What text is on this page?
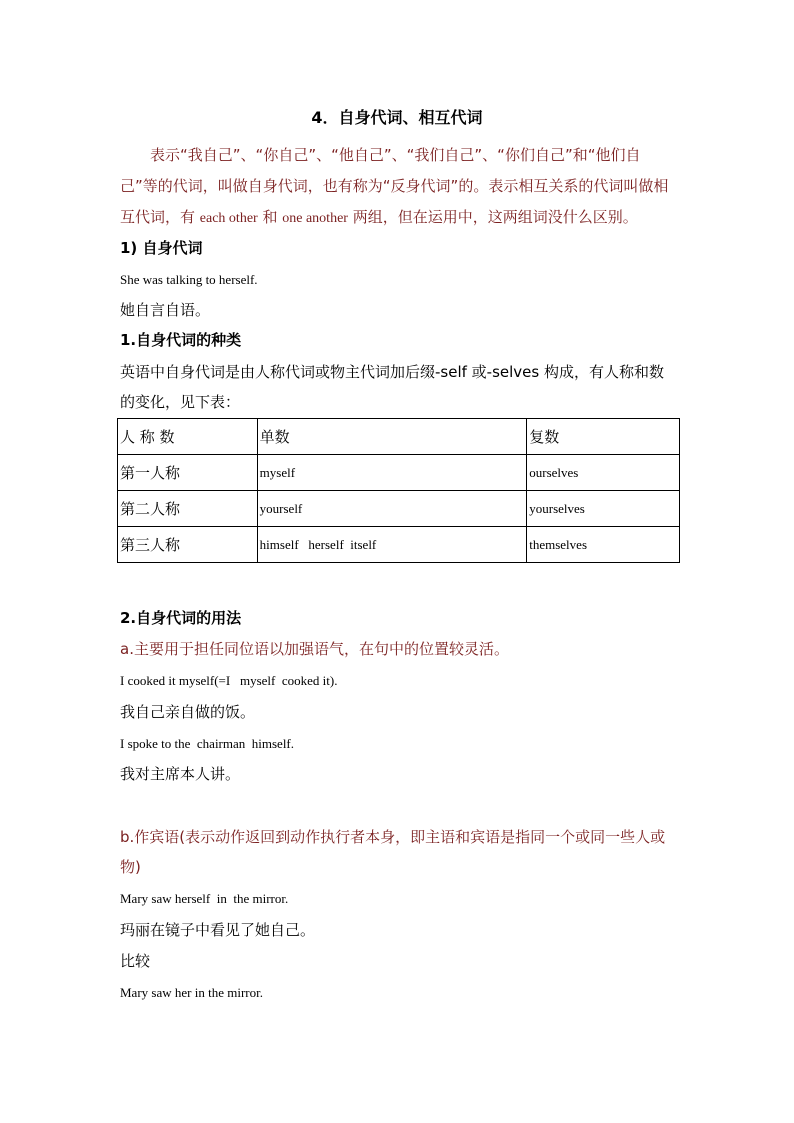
4．自身代词、相互代词
表示“我自己”、“你自己”、“他自己”、“我们自己”、“你们自己”和“他们自己”等的代词，叫做自身代词，也有称为“反身代词”的。表示相互关系的代词叫做相互代词，有 each other 和 one another 两组，但在运用中，这两组词没什么区别。
1) 自身代词
She was talking to herself.
她自言自语。
1.自身代词的种类
英语中自身代词是由人称代词或物主代词加后缀-self 或-selves 构成，有人称和数的变化，见下表：
人 称 数	单数	复数
第一人称	myself	ourselves
第二人称	yourself	yourselves
第三人称	himself   herself  itself	themselves
2.自身代词的用法
a.主要用于担任同位语以加强语气，在句中的位置较灵活。
I cooked it myself(=I   myself  cooked it).
我自己亲自做的饭。
I spoke to the  chairman  himself.
我对主席本人讲。
b.作宾语(表示动作返回到动作执行者本身，即主语和宾语是指同一个或同一些人或物)
Mary saw herself  in  the mirror.
玛丽在镜子中看见了她自己。
比较
Mary saw her in the mirror.
